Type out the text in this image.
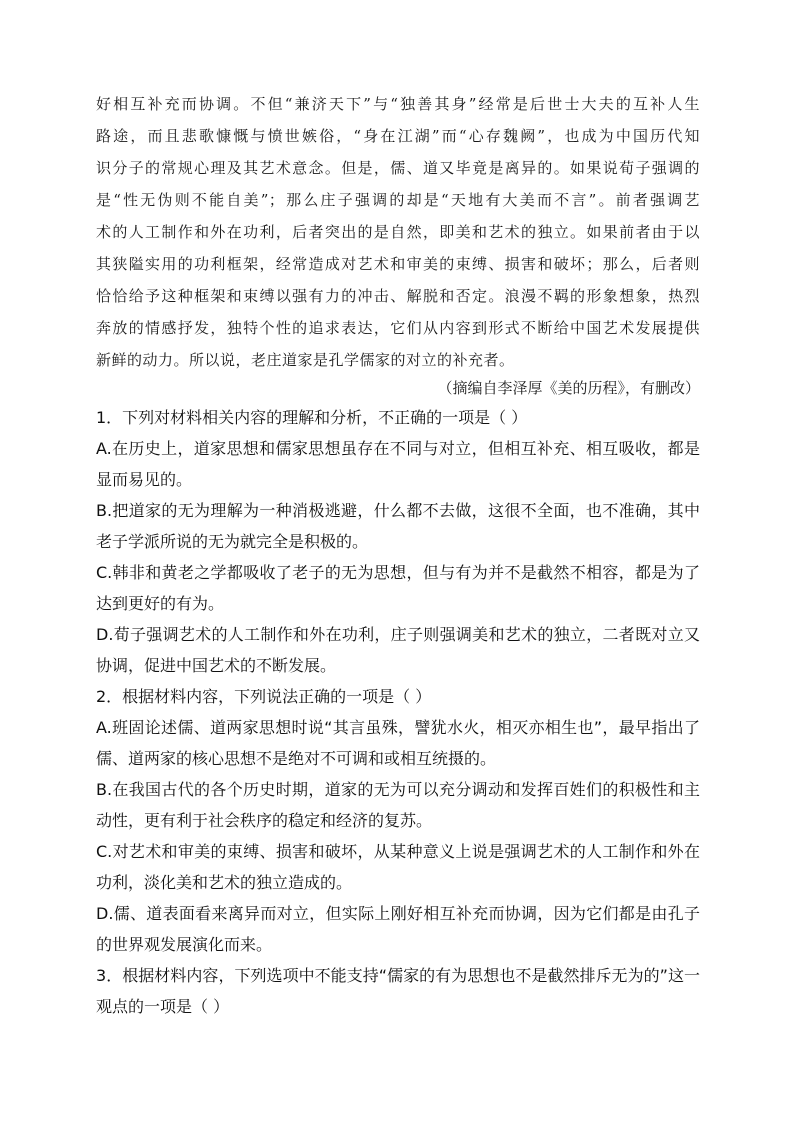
好相互补充而协调。不但“兼济天下”与“独善其身”经常是后世士大夫的互补人生
路途，而且悲歌慷慨与愤世嫉俗，“身在江湖”而“心存魏阙”，也成为中国历代知
识分子的常规心理及其艺术意念。但是，儒、道又毕竟是离异的。如果说荀子强调的
是“性无伪则不能自美”；那么庄子强调的却是“天地有大美而不言”。前者强调艺
术的人工制作和外在功利，后者突出的是自然，即美和艺术的独立。如果前者由于以
其狭隘实用的功利框架，经常造成对艺术和审美的束缚、损害和破坏；那么，后者则
恰恰给予这种框架和束缚以强有力的冲击、解脱和否定。浪漫不羁的形象想象，热烈
奔放的情感抒发，独特个性的追求表达，它们从内容到形式不断给中国艺术发展提供
新鲜的动力。所以说，老庄道家是孔学儒家的对立的补充者。
（摘编自李泽厚《美的历程》，有删改）
1．下列对材料相关内容的理解和分析，不正确的一项是（ ）
A.在历史上，道家思想和儒家思想虽存在不同与对立，但相互补充、相互吸收，都是
显而易见的。
B.把道家的无为理解为一种消极逃避，什么都不去做，这很不全面，也不准确，其中
老子学派所说的无为就完全是积极的。
C.韩非和黄老之学都吸收了老子的无为思想，但与有为并不是截然不相容，都是为了
达到更好的有为。
D.荀子强调艺术的人工制作和外在功利，庄子则强调美和艺术的独立，二者既对立又
协调，促进中国艺术的不断发展。
2．根据材料内容，下列说法正确的一项是（ ）
A.班固论述儒、道两家思想时说“其言虽殊，譬犹水火，相灭亦相生也”，最早指出了
儒、道两家的核心思想不是绝对不可调和或相互统摄的。
B.在我国古代的各个历史时期，道家的无为可以充分调动和发挥百姓们的积极性和主
动性，更有利于社会秩序的稳定和经济的复苏。
C.对艺术和审美的束缚、损害和破坏，从某种意义上说是强调艺术的人工制作和外在
功利，淡化美和艺术的独立造成的。
D.儒、道表面看来离异而对立，但实际上刚好相互补充而协调，因为它们都是由孔子
的世界观发展演化而来。
3．根据材料内容，下列选项中不能支持“儒家的有为思想也不是截然排斥无为的”这一
观点的一项是（ ）
